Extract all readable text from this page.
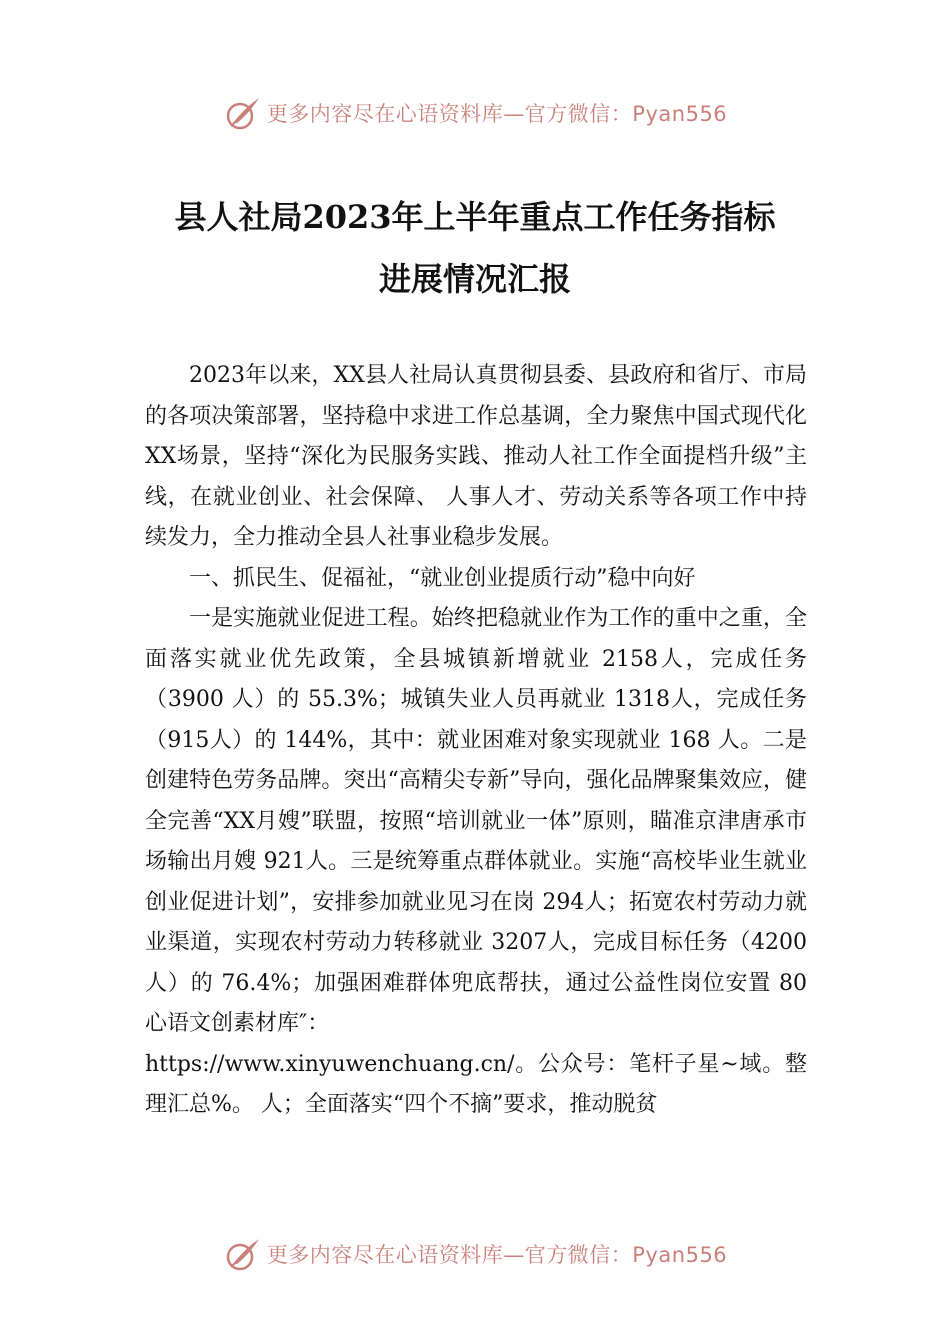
更多内容尽在心语资料库—官方微信：Pyan556
县人社局2023年上半年重点工作任务指标
进展情况汇报

2023年以来，XX县人社局认真贯彻县委、县政府和省厅、市局的各项决策部署，坚持稳中求进工作总基调，全力聚焦中国式现代化 XX场景，坚持“深化为民服务实践、推动人社工作全面提档升级”主线，在就业创业、社会保障、 人事人才、劳动关系等各项工作中持续发力，全力推动全县人社事业稳步发展。

一、抓民生、促福祉，“就业创业提质行动”稳中向好

一是实施就业促进工程。始终把稳就业作为工作的重中之重，全面落实就业优先政策，全县城镇新增就业 2158人，完成任务（3900 人）的 55.3%；城镇失业人员再就业 1318人，完成任务（915人）的 144%，其中：就业困难对象实现就业 168 人。二是创建特色劳务品牌。突出“高精尖专新”导向，强化品牌聚集效应，健全完善“XX月嫂”联盟，按照“培训就业一体”原则，瞄准京津唐承市场输出月嫂 921人。三是统筹重点群体就业。实施“高校毕业生就业创业促进计划”，安排参加就业见习在岗 294人；拓宽农村劳动力就业渠道，实现农村劳动力转移就业 3207人，完成目标任务（4200人）的 76.4%；加强困难群体兜底帮扶，通过公益性岗位安置 80 心语文创素材库″：

https://www.xinyuwenchuang.cn/。公众号：笔杆子星~域。整理汇总%。 人；全面落实“四个不摘”要求，推动脱贫

更多内容尽在心语资料库—官方微信：Pyan556
